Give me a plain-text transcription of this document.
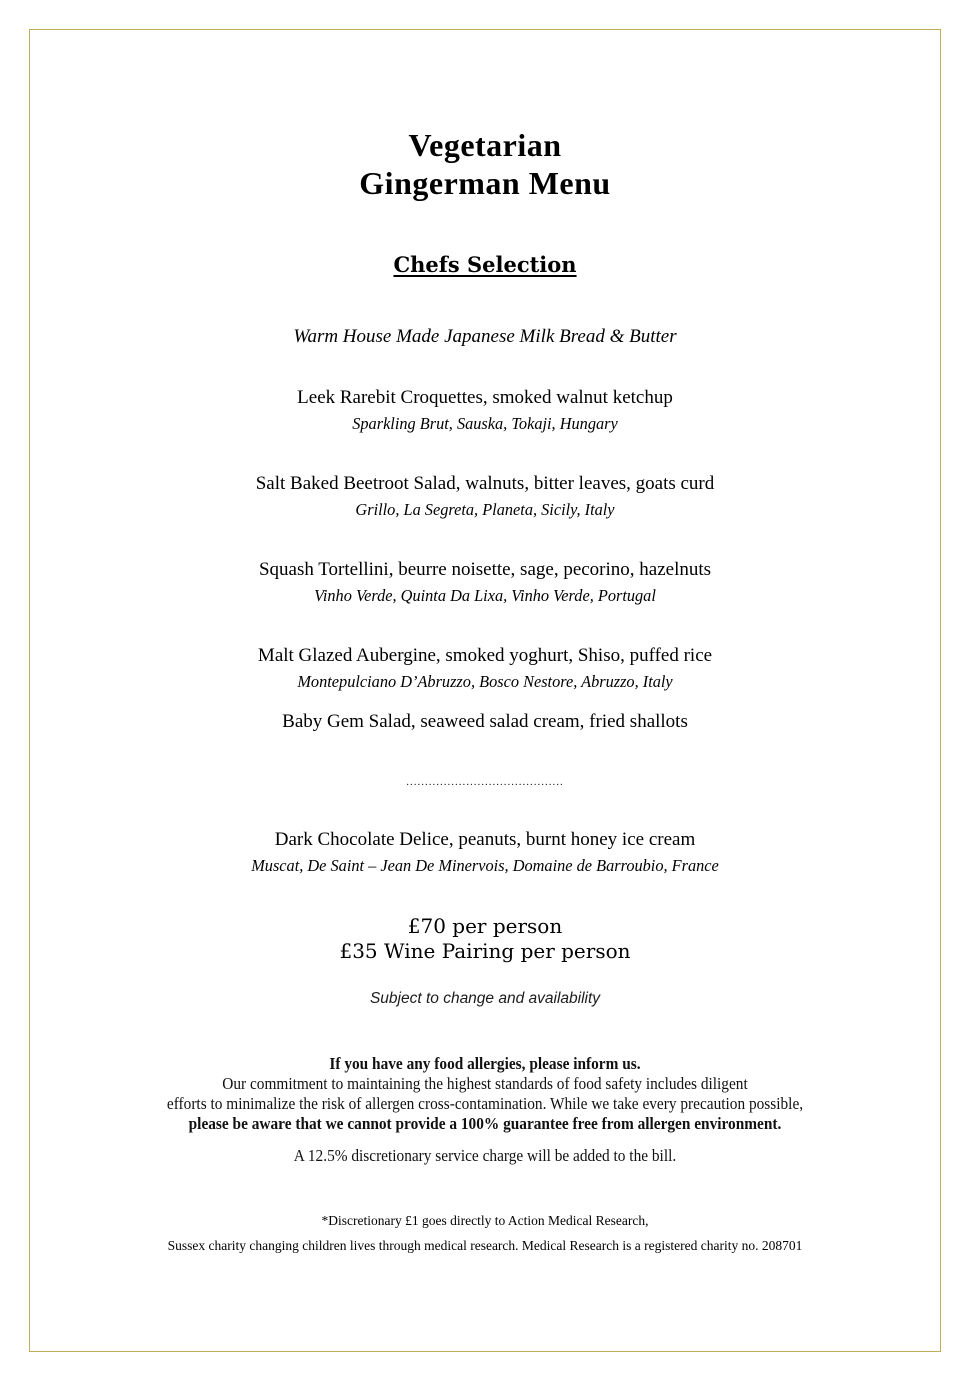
Vegetarian
Gingerman Menu
Chefs Selection
Warm House Made Japanese Milk Bread & Butter
Leek Rarebit Croquettes, smoked walnut ketchup
Sparkling Brut, Sauska, Tokaji, Hungary
Salt Baked Beetroot Salad, walnuts, bitter leaves, goats curd
Grillo, La Segreta, Planeta, Sicily, Italy
Squash Tortellini, beurre noisette, sage, pecorino, hazelnuts
Vinho Verde, Quinta Da Lixa, Vinho Verde, Portugal
Malt Glazed Aubergine, smoked yoghurt, Shiso, puffed rice
Montepulciano D’Abruzzo, Bosco Nestore, Abruzzo, Italy
Baby Gem Salad, seaweed salad cream, fried shallots
..........................................
Dark Chocolate Delice, peanuts, burnt honey ice cream
Muscat, De Saint – Jean De Minervois, Domaine de Barroubio, France
£70 per person
£35 Wine Pairing per person
Subject to change and availability
If you have any food allergies, please inform us.
Our commitment to maintaining the highest standards of food safety includes diligent
efforts to minimalize the risk of allergen cross-contamination. While we take every precaution possible,
please be aware that we cannot provide a 100% guarantee free from allergen environment.
A 12.5% discretionary service charge will be added to the bill.
*Discretionary £1 goes directly to Action Medical Research,
Sussex charity changing children lives through medical research. Medical Research is a registered charity no. 208701
